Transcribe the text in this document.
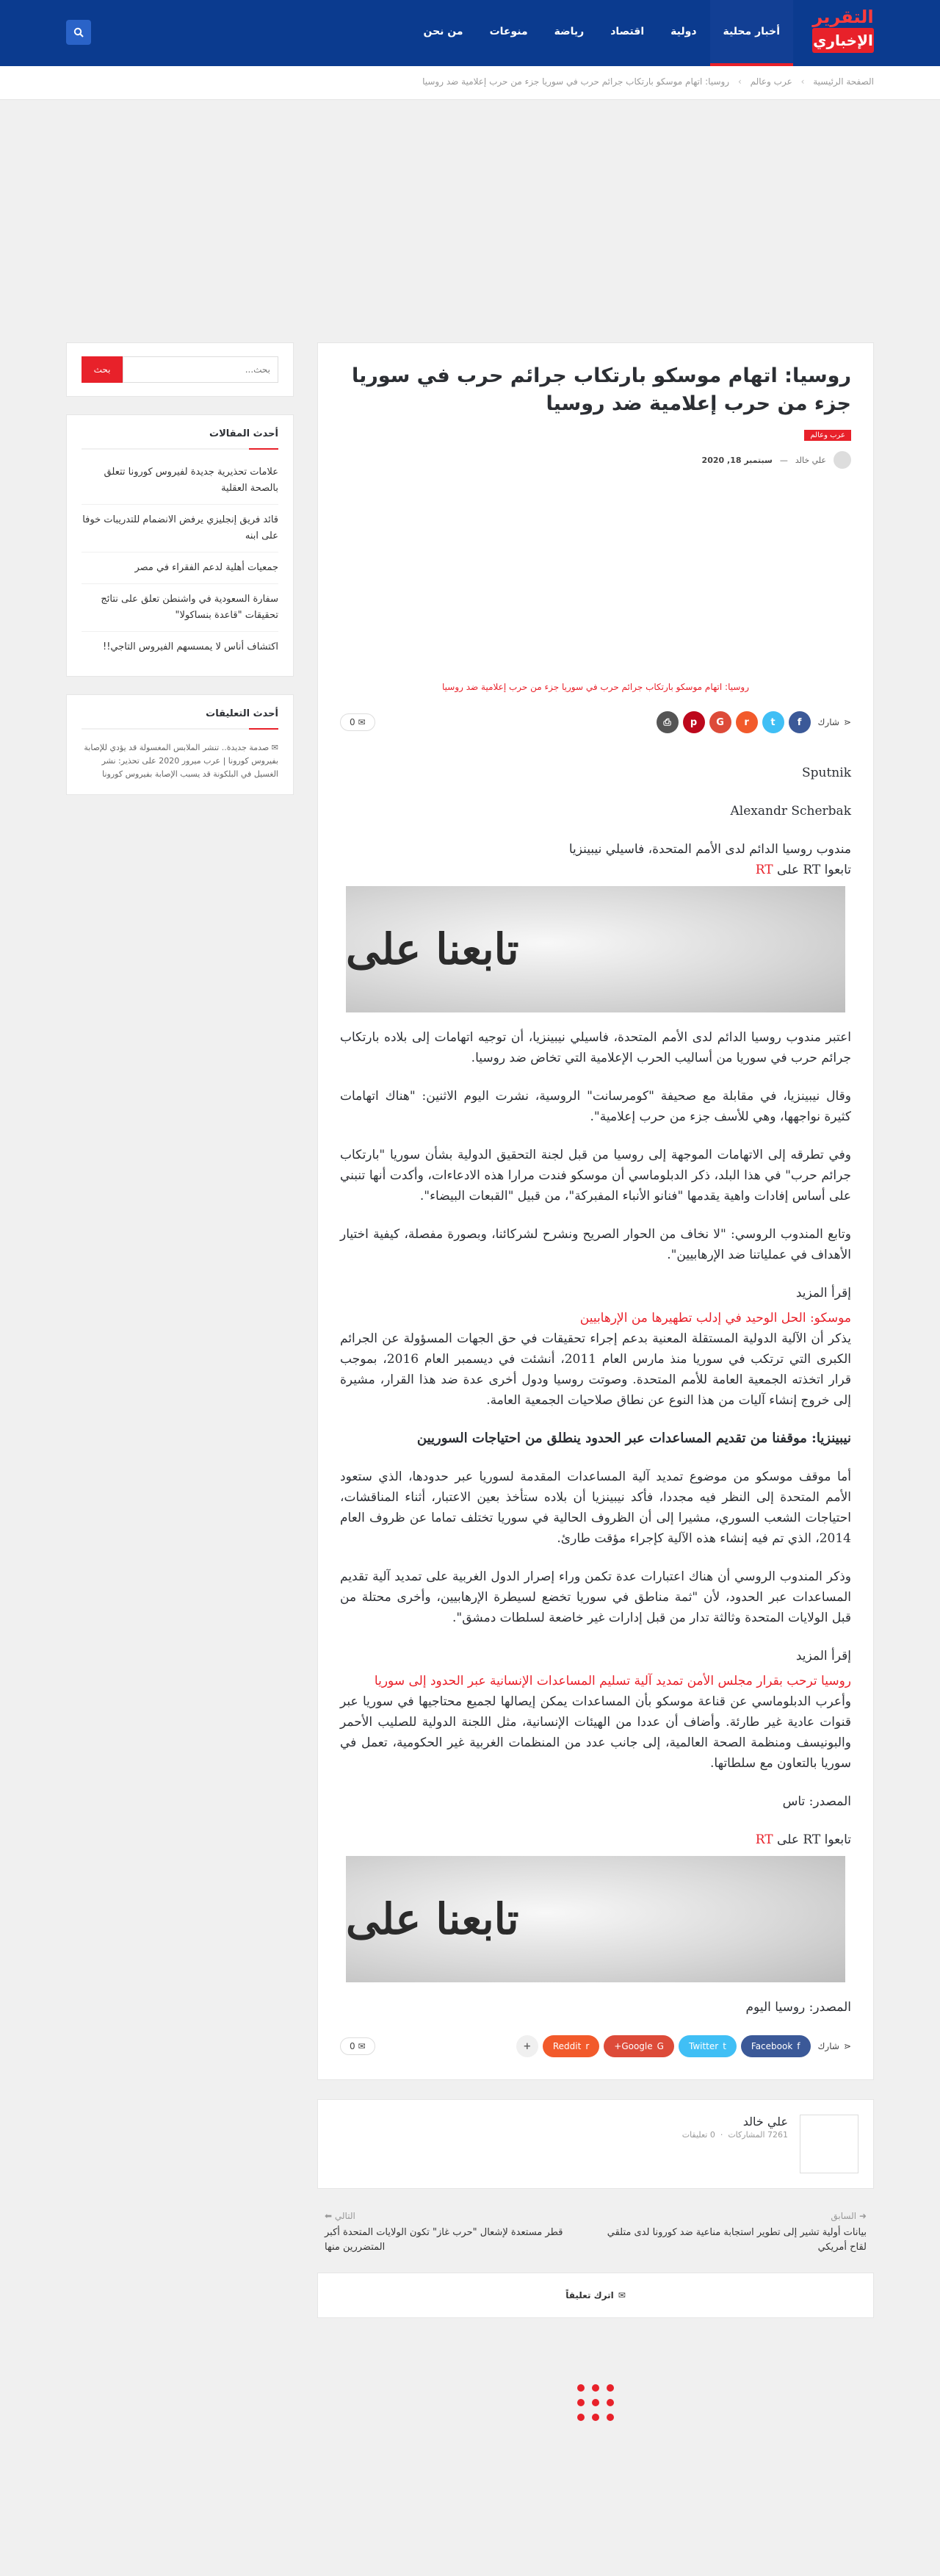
التقرير
الإخباري
أخبار محلية
دولية
اقتصاد
رياضة
منوعات
من نحن
الصفحة الرئيسية › عرب وعالم › روسيا: اتهام موسكو بارتكاب جرائم حرب في سوريا جزء من حرب إعلامية ضد روسيا
روسيا: اتهام موسكو بارتكاب جرائم حرب في سوريا جزء من حرب إعلامية ضد روسيا
عرب وعالم
علي خالد
—
سبتمبر 18, 2020
روسيا: اتهام موسكو بارتكاب جرائم حرب في سوريا جزء من حرب إعلامية ضد روسيا
⋖
شارك
f
t
r
G
p
⎙
✉ 0

Sputnik

Alexandr Scherbak

مندوب روسيا الدائم لدى الأمم المتحدة، فاسيلي نيبينزيا
تابعوا RT على RT
تابعنا على

اعتبر مندوب روسيا الدائم لدى الأمم المتحدة، فاسيلي نيبينزيا، أن توجيه اتهامات إلى بلاده بارتكاب جرائم حرب في سوريا من أساليب الحرب الإعلامية التي تخاض ضد روسيا.

وقال نيبينزيا، في مقابلة مع صحيفة "كومرسانت" الروسية، نشرت اليوم الاثنين: "هناك اتهامات كثيرة نواجهها، وهي للأسف جزء من حرب إعلامية".

وفي تطرقه إلى الاتهامات الموجهة إلى روسيا من قبل لجنة التحقيق الدولية بشأن سوريا "بارتكاب جرائم حرب" في هذا البلد، ذكر الدبلوماسي أن موسكو فندت مرارا هذه الادعاءات، وأكدت أنها تنبني على أساس إفادات واهية يقدمها "فنانو الأنباء المفبركة"، من قبيل "القبعات البيضاء".

وتابع المندوب الروسي: "لا نخاف من الحوار الصريح ونشرح لشركائنا، وبصورة مفصلة، كيفية اختيار الأهداف في عملياتنا ضد الإرهابيين".

إقرأ المزيد

موسكو: الحل الوحيد في إدلب تطهيرها من الإرهابيين

يذكر أن الآلية الدولية المستقلة المعنية بدعم إجراء تحقيقات في حق الجهات المسؤولة عن الجرائم الكبرى التي ترتكب في سوريا منذ مارس العام 2011، أنشئت في ديسمبر العام 2016، بموجب قرار اتخذته الجمعية العامة للأمم المتحدة. وصوتت روسيا ودول أخرى عدة ضد هذا القرار، مشيرة إلى خروج إنشاء آليات من هذا النوع عن نطاق صلاحيات الجمعية العامة.

نيبينزيا: موقفنا من تقديم المساعدات عبر الحدود ينطلق من احتياجات السوريين

أما موقف موسكو من موضوع تمديد آلية المساعدات المقدمة لسوريا عبر حدودها، الذي ستعود الأمم المتحدة إلى النظر فيه مجددا، فأكد نيبينزيا أن بلاده ستأخذ بعين الاعتبار، أثناء المناقشات، احتياجات الشعب السوري، مشيرا إلى أن الظروف الحالية في سوريا تختلف تماما عن ظروف العام 2014، الذي تم فيه إنشاء هذه الآلية كإجراء مؤقت طارئ.

وذكر المندوب الروسي أن هناك اعتبارات عدة تكمن وراء إصرار الدول الغربية على تمديد آلية تقديم المساعدات عبر الحدود، لأن "ثمة مناطق في سوريا تخضع لسيطرة الإرهابيين، وأخرى محتلة من قبل الولايات المتحدة وثالثة تدار من قبل إدارات غير خاضعة لسلطات دمشق".

إقرأ المزيد

روسيا ترحب بقرار مجلس الأمن تمديد آلية تسليم المساعدات الإنسانية عبر الحدود إلى سوريا

وأعرب الدبلوماسي عن قناعة موسكو بأن المساعدات يمكن إيصالها لجميع محتاجيها في سوريا عبر قنوات عادية غير طارئة. وأضاف أن عددا من الهيئات الإنسانية، مثل اللجنة الدولية للصليب الأحمر والبونيسف ومنظمة الصحة العالمية، إلى جانب عدد من المنظمات الغربية غير الحكومية، تعمل في سوريا بالتعاون مع سلطاتها.

المصدر: تاس

تابعوا RT على RT
تابعنا على

المصدر: روسيا اليوم

⋖
شارك
f
Facebook
t
Twitter
G
Google+
r
Reddit
+
✉ 0
علي خالد
7261 المشاركات  ·  0 تعليقات
➜ السابق
بيانات أولية تشير إلى تطوير استجابة مناعية ضد كورونا لدى متلقي لقاح أمريكي
التالي ⬅
قطر مستعدة لإشعال "حرب غاز" تكون الولايات المتحدة أكبر المتضررين منها
✉
اترك تعليقاً
بحث...
بحث
أحدث المقالات
علامات تحذيرية جديدة لفيروس كورونا تتعلق بالصحة العقلية
قائد فريق إنجليزي يرفض الانضمام للتدريبات خوفا على ابنه
جمعيات أهلية لدعم الفقراء في مصر
سفارة السعودية في واشنطن تعلق على نتائج تحقيقات "قاعدة بنساكولا"
اكتشاف أناس لا يمسسهم الفيروس التاجي!!
أحدث التعليقات
✉ صدمة جديدة.. تنشر الملابس المغسولة قد يؤدي للإصابة بفيروس كورونا | عرب ميرور 2020 على تحذير: نشر الغسيل في البلكونة قد يسبب الإصابة بفيروس كورونا
